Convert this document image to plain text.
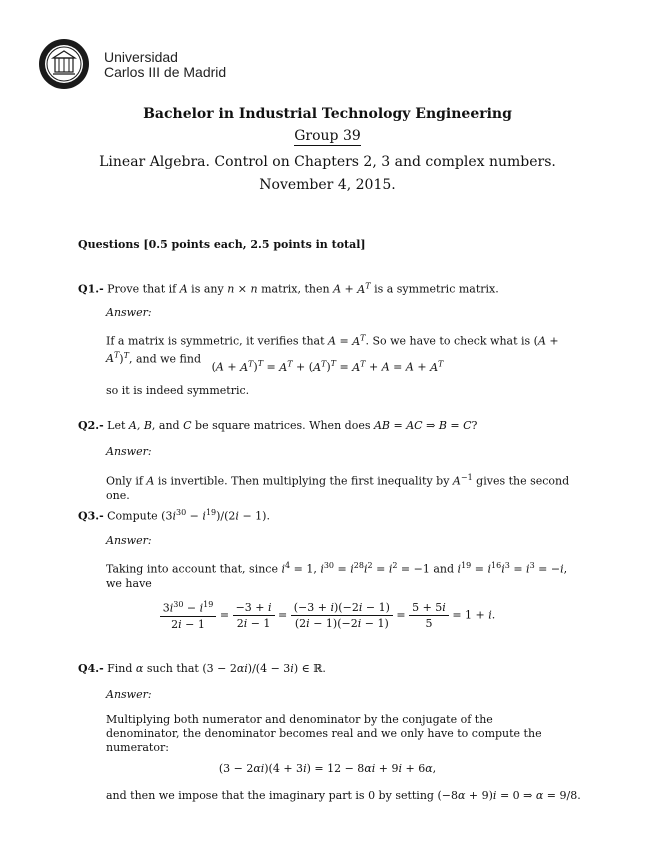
Universidad
Carlos III de Madrid
Bachelor in Industrial Technology Engineering
Group 39
Linear Algebra. Control on Chapters 2, 3 and complex numbers.
November 4, 2015.
Questions [0.5 points each, 2.5 points in total]
Q1.- Prove that if A is any n × n matrix, then $A + A^T$ is a symmetric matrix.
Answer:
If a matrix is symmetric, it verifies that $A = A^T$. So we have to check what is $(A + A^T)^T$, and we find
$(A + A^T)^T = A^T + (A^T)^T = A^T + A = A + A^T$
so it is indeed symmetric.
Q2.- Let A, B, and C be square matrices. When does AB = AC ⇒ B = C?
Answer:
Only if A is invertible. Then multiplying the first inequality by $A^{-1}$ gives the second one.
Q3.- Compute $(3i^{30} - i^{19})/(2i - 1)$.
Answer:
Taking into account that, since $i^4 = 1$, $i^{30} = i^{28}i^2 = i^2 = -1$ and $i^{19} = i^{16}i^3 = i^3 = -i$, we have
$\frac{3i^{30} - i^{19}}{2i - 1} = \frac{-3 + i}{2i - 1} = \frac{(-3 + i)(-2i - 1)}{(2i - 1)(-2i - 1)} = \frac{5 + 5i}{5} = 1 + i$.
Q4.- Find α such that (3 − 2αi)/(4 − 3i) ∈ ℝ.
Answer:
Multiplying both numerator and denominator by the conjugate of the denominator, the denominator becomes real and we only have to compute the numerator:
(3 − 2αi)(4 + 3i) = 12 − 8αi + 9i + 6α,
and then we impose that the imaginary part is 0 by setting (−8α + 9)i = 0 ⇒ α = 9/8.
